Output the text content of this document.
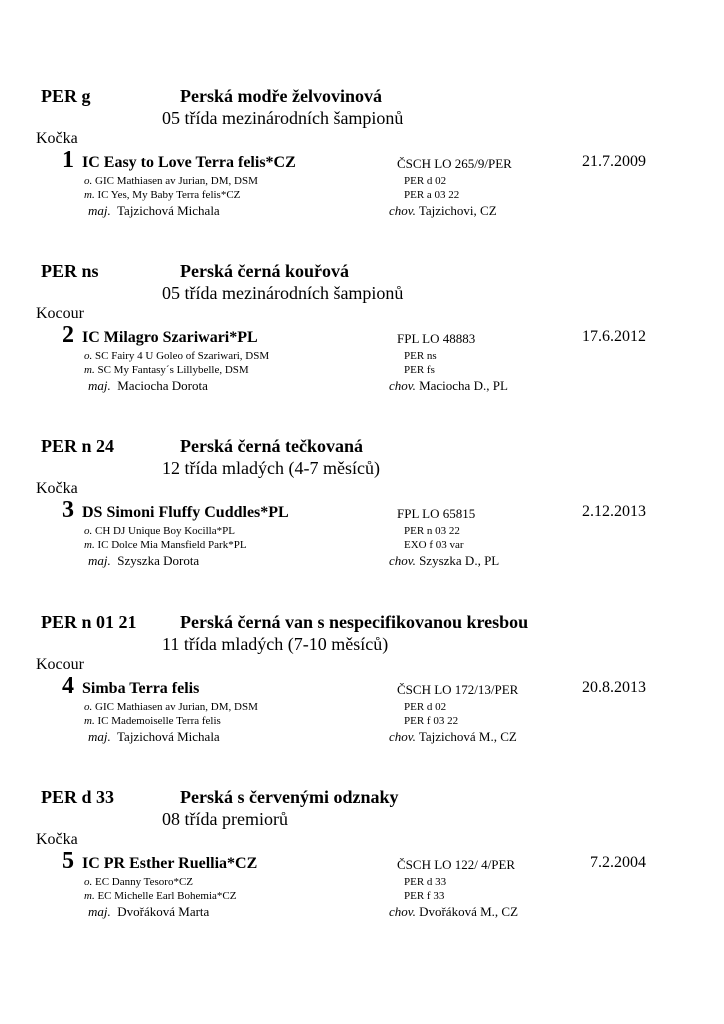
PER g	Perská modře želvovinová
05 třída mezinárodních šampionů
Kočka
1 IC Easy to Love Terra felis*CZ	ČSCH LO 265/9/PER	21.7.2009
o. GIC Mathiasen av Jurian, DM, DSM	PER d 02
m. IC Yes, My Baby Terra felis*CZ	PER a 03 22
maj. Tajzichová Michala	chov. Tajzichovi, CZ
PER ns	Perská černá kouřová
05 třída mezinárodních šampionů
Kocour
2 IC Milagro Szariwari*PL	FPL LO 48883	17.6.2012
o. SC Fairy 4 U Goleo of Szariwari, DSM	PER ns
m. SC My Fantasy´s Lillybelle, DSM	PER fs
maj. Maciocha Dorota	chov. Maciocha D., PL
PER n 24	Perská černá tečkovaná
12 třída mladých (4-7 měsíců)
Kočka
3 DS Simoni Fluffy Cuddles*PL	FPL LO 65815	2.12.2013
o. CH DJ Unique Boy Kocilla*PL	PER n 03 22
m. IC Dolce Mia Mansfield Park*PL	EXO f 03 var
maj. Szyszka Dorota	chov. Szyszka D., PL
PER n 01 21 Perská černá van s nespecifikovanou kresbou
11 třída mladých (7-10 měsíců)
Kocour
4 Simba Terra felis	ČSCH LO 172/13/PER	20.8.2013
o. GIC Mathiasen av Jurian, DM, DSM	PER d 02
m. IC Mademoiselle Terra felis	PER f 03 22
maj. Tajzichová Michala	chov. Tajzichová M., CZ
PER d 33	Perská s červenými odznaky
08 třída premiorů
Kočka
5 IC PR Esther Ruellia*CZ	ČSCH LO 122/ 4/PER	7.2.2004
o. EC Danny Tesoro*CZ	PER d 33
m. EC Michelle Earl Bohemia*CZ	PER f 33
maj. Dvořáková Marta	chov. Dvořáková M., CZ
